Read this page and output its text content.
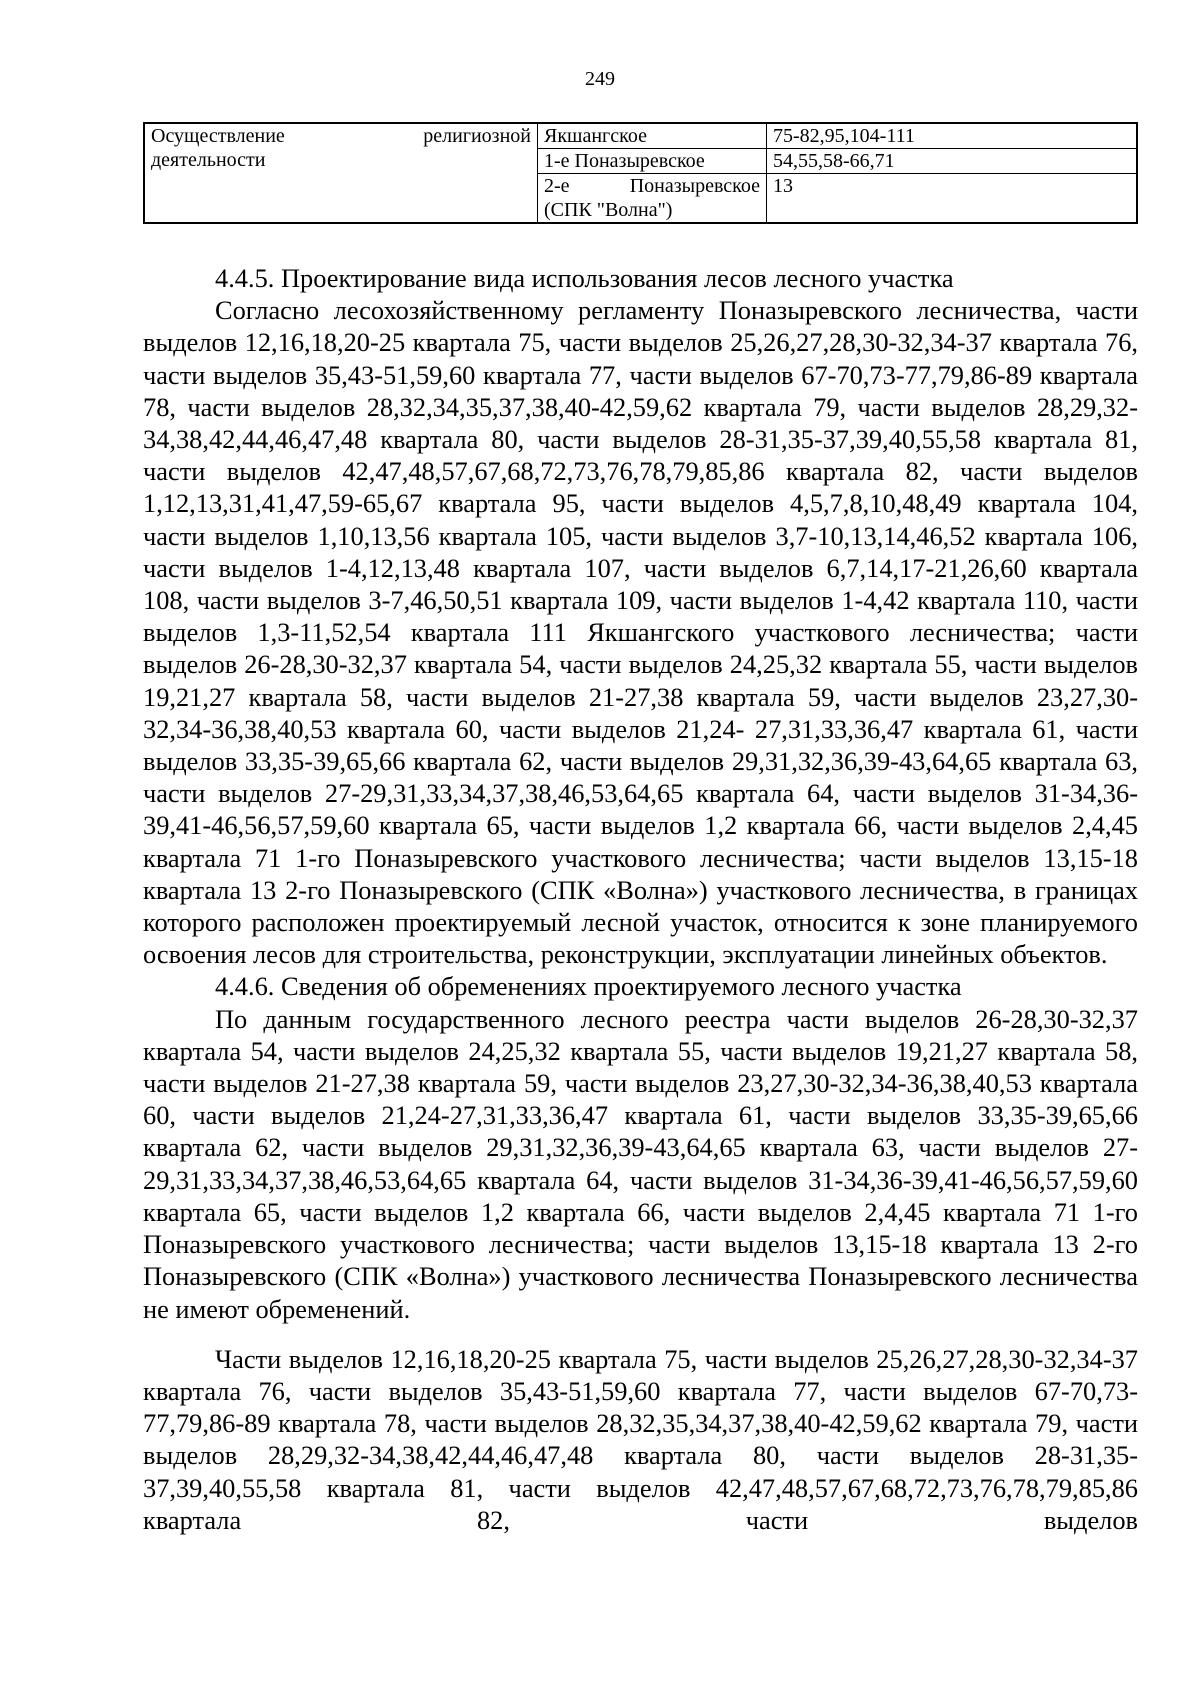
249
Осуществление религиозной
деятельности	Якшангское	75-82,95,104-111
	1-е Поназыревское	54,55,58-66,71

	2-е Поназыревское
(СПК "Волна")	13

4.4.5. Проектирование вида использования лесов лесного участка

Согласно лесохозяйственному регламенту Поназыревского лесничества, части выделов 12,16,18,20-25 квартала 75, части выделов 25,26,27,28,30-32,34-37 квартала 76, части выделов 35,43-51,59,60 квартала 77, части выделов 67-70,73-77,79,86-89 квартала 78, части выделов 28,32,34,35,37,38,40-42,59,62 квартала 79, части выделов 28,29,32-34,38,42,44,46,47,48 квартала 80, части выделов 28-31,35-37,39,40,55,58 квартала 81, части выделов 42,47,48,57,67,68,72,73,76,78,79,85,86 квартала 82, части выделов 1,12,13,31,41,47,59-65,67 квартала 95, части выделов 4,5,7,8,10,48,49 квартала 104, части выделов 1,10,13,56 квартала 105, части выделов 3,7-10,13,14,46,52 квартала 106, части выделов 1-4,12,13,48 квартала 107, части выделов 6,7,14,17-21,26,60 квартала 108, части выделов 3-7,46,50,51 квартала 109, части выделов 1-4,42 квартала 110, части выделов 1,3-11,52,54 квартала 111 Якшангского участкового лесничества; части выделов 26-28,30-32,37 квартала 54, части выделов 24,25,32 квартала 55, части выделов 19,21,27 квартала 58, части выделов 21-27,38 квартала 59, части выделов 23,27,30-32,34-36,38,40,53 квартала 60, части выделов 21,24- 27,31,33,36,47 квартала 61, части выделов 33,35-39,65,66 квартала 62, части выделов 29,31,32,36,39-43,64,65 квартала 63, части выделов 27-29,31,33,34,37,38,46,53,64,65 квартала 64, части выделов 31-34,36-39,41-46,56,57,59,60 квартала 65, части выделов 1,2 квартала 66, части выделов 2,4,45 квартала 71 1-го Поназыревского участкового лесничества; части выделов 13,15-18 квартала 13 2-го Поназыревского (СПК «Волна») участкового лесничества, в границах которого расположен проектируемый лесной участок, относится к зоне планируемого освоения лесов для строительства, реконструкции, эксплуатации линейных объектов.

4.4.6. Сведения об обременениях проектируемого лесного участка

По данным государственного лесного реестра части выделов 26-28,30-32,37 квартала 54, части выделов 24,25,32 квартала 55, части выделов 19,21,27 квартала 58, части выделов 21-27,38 квартала 59, части выделов 23,27,30-32,34-36,38,40,53 квартала 60, части выделов 21,24-27,31,33,36,47 квартала 61, части выделов 33,35-39,65,66 квартала 62, части выделов 29,31,32,36,39-43,64,65 квартала 63, части выделов 27-29,31,33,34,37,38,46,53,64,65 квартала 64, части выделов 31-34,36-39,41-46,56,57,59,60 квартала 65, части выделов 1,2 квартала 66, части выделов 2,4,45 квартала 71 1-го Поназыревского участкового лесничества; части выделов 13,15-18 квартала 13 2-го Поназыревского (СПК «Волна») участкового лесничества Поназыревского лесничества не имеют обременений.

Части выделов 12,16,18,20-25 квартала 75, части выделов 25,26,27,28,30-32,34-37 квартала 76, части выделов 35,43-51,59,60 квартала 77, части выделов 67-70,73-77,79,86-89 квартала 78, части выделов 28,32,35,34,37,38,40-42,59,62 квартала 79, части выделов 28,29,32-34,38,42,44,46,47,48 квартала 80, части выделов 28-31,35-37,39,40,55,58 квартала 81, части выделов 42,47,48,57,67,68,72,73,76,78,79,85,86 квартала 82, части выделов
